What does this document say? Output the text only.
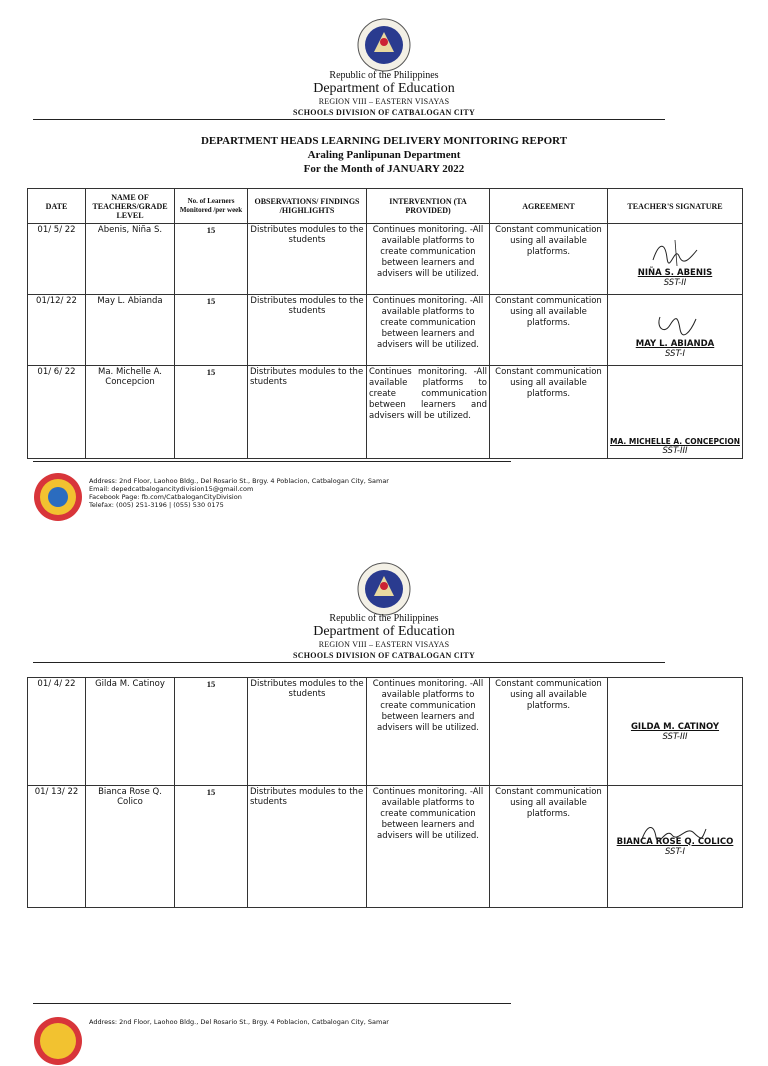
Republic of the Philippines
Department of Education
REGION VIII – EASTERN VISAYAS
SCHOOLS DIVISION OF CATBALOGAN CITY
DEPARTMENT HEADS LEARNING DELIVERY MONITORING REPORT
Araling Panlipunan Department
For the Month of JANUARY 2022
DATE	NAME OF TEACHERS/GRADE LEVEL	No. of Learners Monitored /per week	OBSERVATIONS/ FINDINGS /HIGHLIGHTS	INTERVENTION (TA PROVIDED)	AGREEMENT	TEACHER'S SIGNATURE
01/ 5/ 22	Abenis, Niña S.	15	Distributes modules to the students	Continues monitoring. -All available platforms to create communication between learners and advisers will be utilized.	Constant communication using all available platforms.	NIÑA S. ABENIS
SST-II

01/12/ 22	May L. Abianda	15	Distributes modules to the students	Continues monitoring. -All available platforms to create communication between learners and advisers will be utilized.	Constant communication using all available platforms.	MAY L. ABIANDA
SST-I

01/ 6/ 22	Ma. Michelle A. Concepcion	15	Distributes modules to the students	Continues monitoring. -All available platforms to create communication between learners and advisers will be utilized.	Constant communication using all available platforms.	MA. MICHELLE A. CONCEPCION
SST-III
Address: 2nd Floor, Laohoo Bldg., Del Rosario St., Brgy. 4 Poblacion, Catbalogan City, Samar
Email: depedcatbalogancitydivision15@gmail.com
Facebook Page: fb.com/CatbaloganCityDivision
Telefax: (005) 251-3196 | (055) 530 0175
Republic of the Philippines
Department of Education
REGION VIII – EASTERN VISAYAS
SCHOOLS DIVISION OF CATBALOGAN CITY
01/ 4/ 22	Gilda M. Catinoy	15	Distributes modules to the students	Continues monitoring. -All available platforms to create communication between learners and advisers will be utilized.	Constant communication using all available platforms.	GILDA M. CATINOY
SST-III

01/ 13/ 22	Bianca Rose Q. Colico	15	Distributes modules to the students	Continues monitoring. -All available platforms to create communication between learners and advisers will be utilized.	Constant communication using all available platforms.	BIANCA ROSE Q. COLICO
SST-I
Address: 2nd Floor, Laohoo Bldg., Del Rosario St., Brgy. 4 Poblacion, Catbalogan City, Samar
